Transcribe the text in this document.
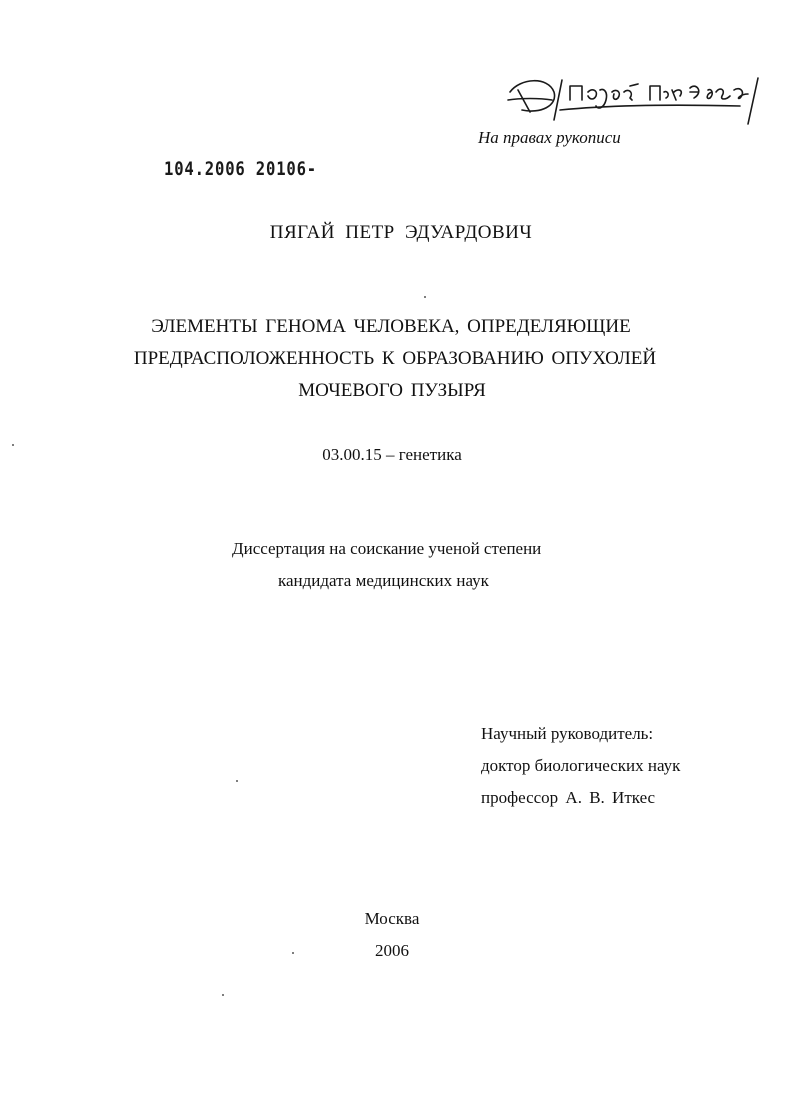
На правах рукописи
104.2006 20106-
ПЯГАЙ ПЕТР ЭДУАРДОВИЧ
ЭЛЕМЕНТЫ ГЕНОМА ЧЕЛОВЕКА, ОПРЕДЕЛЯЮЩИЕ
ПРЕДРАСПОЛОЖЕННОСТЬ К ОБРАЗОВАНИЮ ОПУХОЛЕЙ
МОЧЕВОГО ПУЗЫРЯ
03.00.15 – генетика
Диссертация на соискание ученой степени
кандидата медицинских наук
Научный руководитель:
доктор биологических наук
профессор А. В. Иткес
Москва
2006
